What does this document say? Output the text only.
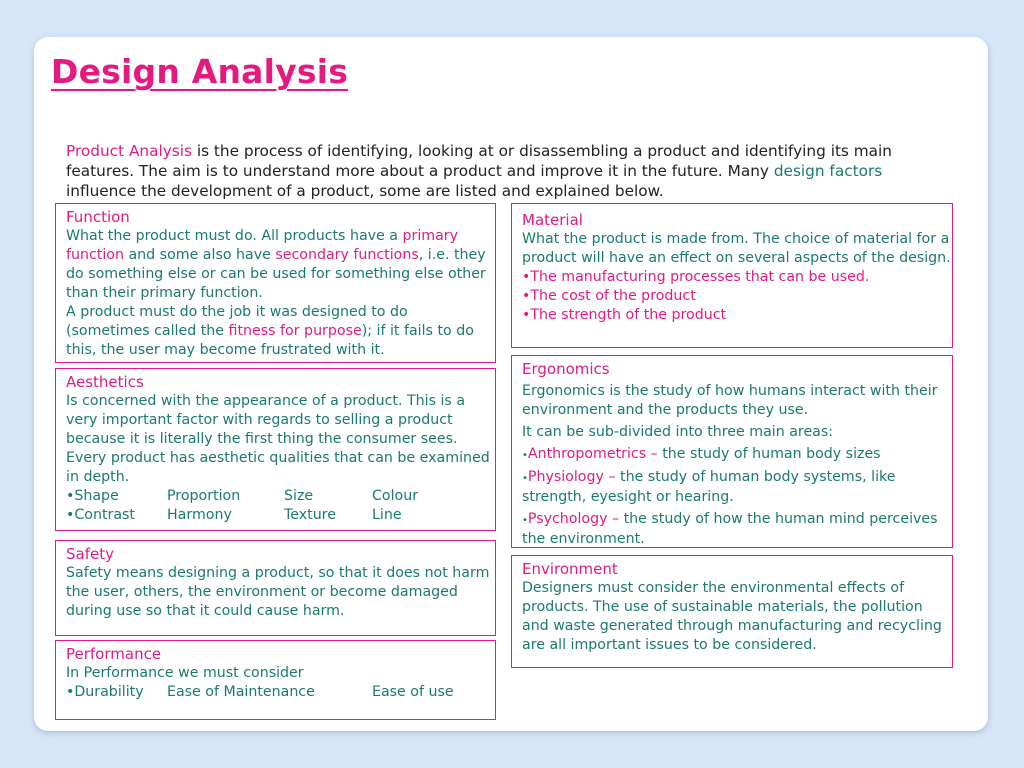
Design Analysis
Product Analysis is the process of identifying, looking at or disassembling a product and identifying its main features. The aim is to understand more about a product and improve it in the future. Many design factors influence the development of a product, some are listed and explained below.

Function

What the product must do. All products have a primary function and some also have secondary functions, i.e. they do something else or can be used for something else other than their primary function.

A product must do the job it was designed to do (sometimes called the fitness for purpose); if it fails to do this, the user may become frustrated with it.

Aesthetics

Is concerned with the appearance of a product. This is a very important factor with regards to selling a product because it is literally the first thing the consumer sees. Every product has aesthetic qualities that can be examined in depth.

•Shape	Proportion	Size	Colour
•Contrast	Harmony	Texture	Line

Safety

Safety means designing a product, so that it does not harm the user, others, the environment or become damaged during use so that it could cause harm.

Performance

In Performance we must consider

•Durability	Ease of Maintenance	Ease of use

Material

What the product is made from. The choice of material for a product will have an effect on several aspects of the design.

•The manufacturing processes that can be used.

•The cost of the product

•The strength of the product

Ergonomics

Ergonomics is the study of how humans interact with their environment and the products they use.

It can be sub-divided into three main areas:

•Anthropometrics – the study of human body sizes

•Physiology – the study of human body systems, like strength, eyesight or hearing.

•Psychology – the study of how the human mind perceives the environment.

Environment

Designers must consider the environmental effects of products. The use of sustainable materials, the pollution and waste generated through manufacturing and recycling are all important issues to be considered.
